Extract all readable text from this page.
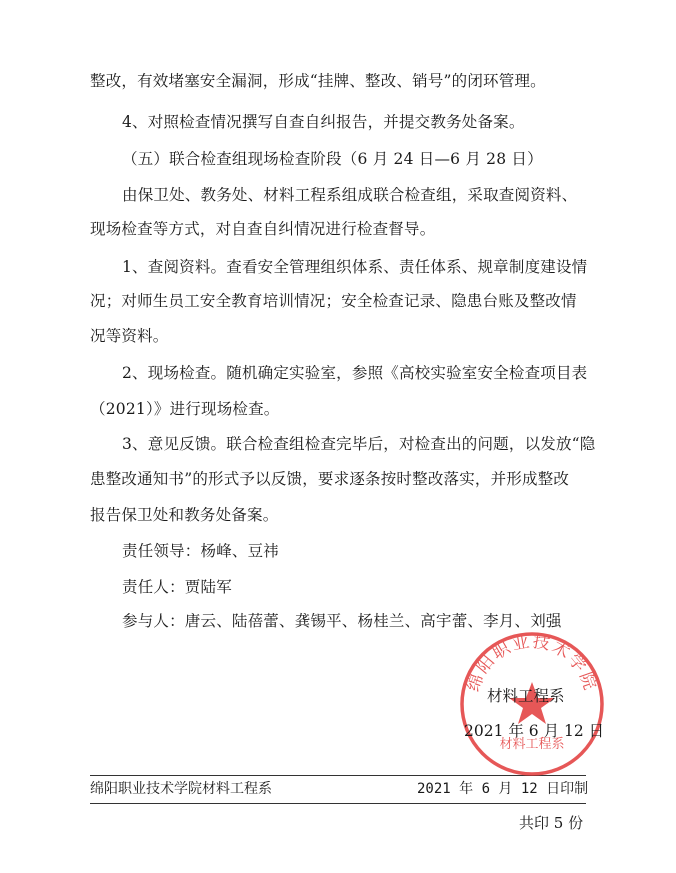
整改，有效堵塞安全漏洞，形成“挂牌、整改、销号”的闭环管理。
4、对照检查情况撰写自查自纠报告，并提交教务处备案。
（五）联合检查组现场检查阶段（6 月 24 日—6 月 28 日）
由保卫处、教务处、材料工程系组成联合检查组，采取查阅资料、
现场检查等方式，对自查自纠情况进行检查督导。
1、查阅资料。查看安全管理组织体系、责任体系、规章制度建设情
况；对师生员工安全教育培训情况；安全检查记录、隐患台账及整改情
况等资料。
2、现场检查。随机确定实验室，参照《高校实验室安全检查项目表
（2021）》进行现场检查。
3、意见反馈。联合检查组检查完毕后，对检查出的问题，以发放“隐
患整改通知书”的形式予以反馈，要求逐条按时整改落实，并形成整改
报告保卫处和教务处备案。
责任领导：杨峰、豆祎
责任人：贾陆军
参与人：唐云、陆蓓蕾、龚锡平、杨桂兰、高宇蕾、李月、刘强
绵阳职业技术学院
材料工程系
材料工程系
2021 年 6 月 12 日
绵阳职业技术学院材料工程系	2021 年 6 月 12 日印制
共印 5 份
